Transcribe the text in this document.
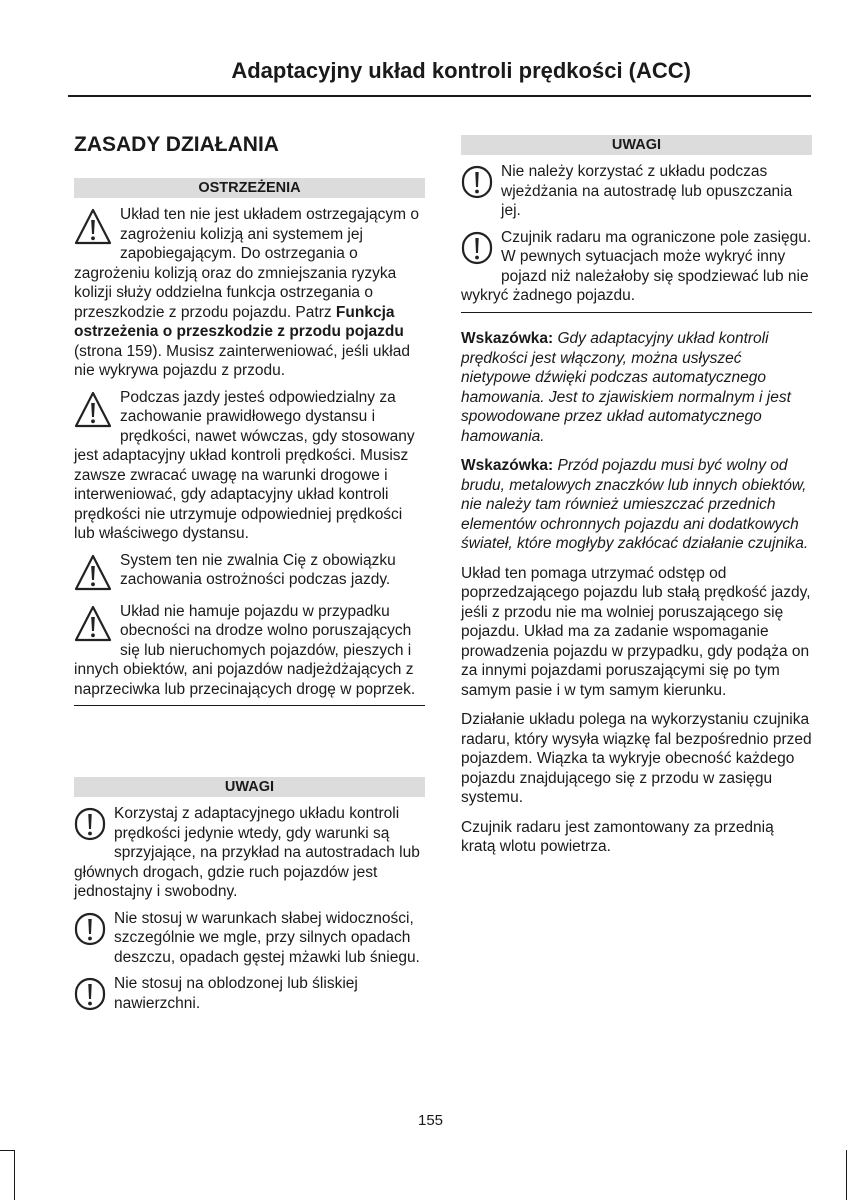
Adaptacyjny układ kontroli prędkości (ACC)
ZASADY DZIAŁANIA
OSTRZEŻENIA

Układ ten nie jest układem ostrzegającym o zagrożeniu kolizją ani systemem jej zapobiegającym. Do ostrzegania o zagrożeniu kolizją oraz do zmniejszania ryzyka kolizji służy oddzielna funkcja ostrzegania o przeszkodzie z przodu pojazdu. Patrz Funkcja ostrzeżenia o przeszkodzie z przodu pojazdu (strona 159). Musisz zainterweniować, jeśli układ nie wykrywa pojazdu z przodu.

Podczas jazdy jesteś odpowiedzialny za zachowanie prawidłowego dystansu i prędkości, nawet wówczas, gdy stosowany jest adaptacyjny układ kontroli prędkości. Musisz zawsze zwracać uwagę na warunki drogowe i interweniować, gdy adaptacyjny układ kontroli prędkości nie utrzymuje odpowiedniej prędkości lub właściwego dystansu.

System ten nie zwalnia Cię z obowiązku zachowania ostrożności podczas jazdy.

Układ nie hamuje pojazdu w przypadku obecności na drodze wolno poruszających się lub nieruchomych pojazdów, pieszych i innych obiektów, ani pojazdów nadjeżdżających z naprzeciwka lub przecinających drogę w poprzek.

UWAGI

Korzystaj z adaptacyjnego układu kontroli prędkości jedynie wtedy, gdy warunki są sprzyjające, na przykład na autostradach lub głównych drogach, gdzie ruch pojazdów jest jednostajny i swobodny.

Nie stosuj w warunkach słabej widoczności, szczególnie we mgle, przy silnych opadach deszczu, opadach gęstej mżawki lub śniegu.

Nie stosuj na oblodzonej lub śliskiej nawierzchni.

UWAGI

Nie należy korzystać z układu podczas wjeżdżania na autostradę lub opuszczania jej.

Czujnik radaru ma ograniczone pole zasięgu. W pewnych sytuacjach może wykryć inny pojazd niż należałoby się spodziewać lub nie wykryć żadnego pojazdu.

Wskazówka: Gdy adaptacyjny układ kontroli prędkości jest włączony, można usłyszeć nietypowe dźwięki podczas automatycznego hamowania. Jest to zjawiskiem normalnym i jest spowodowane przez układ automatycznego hamowania.

Wskazówka: Przód pojazdu musi być wolny od brudu, metalowych znaczków lub innych obiektów, nie należy tam również umieszczać przednich elementów ochronnych pojazdu ani dodatkowych świateł, które mogłyby zakłócać działanie czujnika.

Układ ten pomaga utrzymać odstęp od poprzedzającego pojazdu lub stałą prędkość jazdy, jeśli z przodu nie ma wolniej poruszającego się pojazdu. Układ ma za zadanie wspomaganie prowadzenia pojazdu w przypadku, gdy podąża on za innymi pojazdami poruszającymi się po tym samym pasie i w tym samym kierunku.

Działanie układu polega na wykorzystaniu czujnika radaru, który wysyła wiązkę fal bezpośrednio przed pojazdem. Wiązka ta wykryje obecność każdego pojazdu znajdującego się z przodu w zasięgu systemu.

Czujnik radaru jest zamontowany za przednią kratą wlotu powietrza.

155
